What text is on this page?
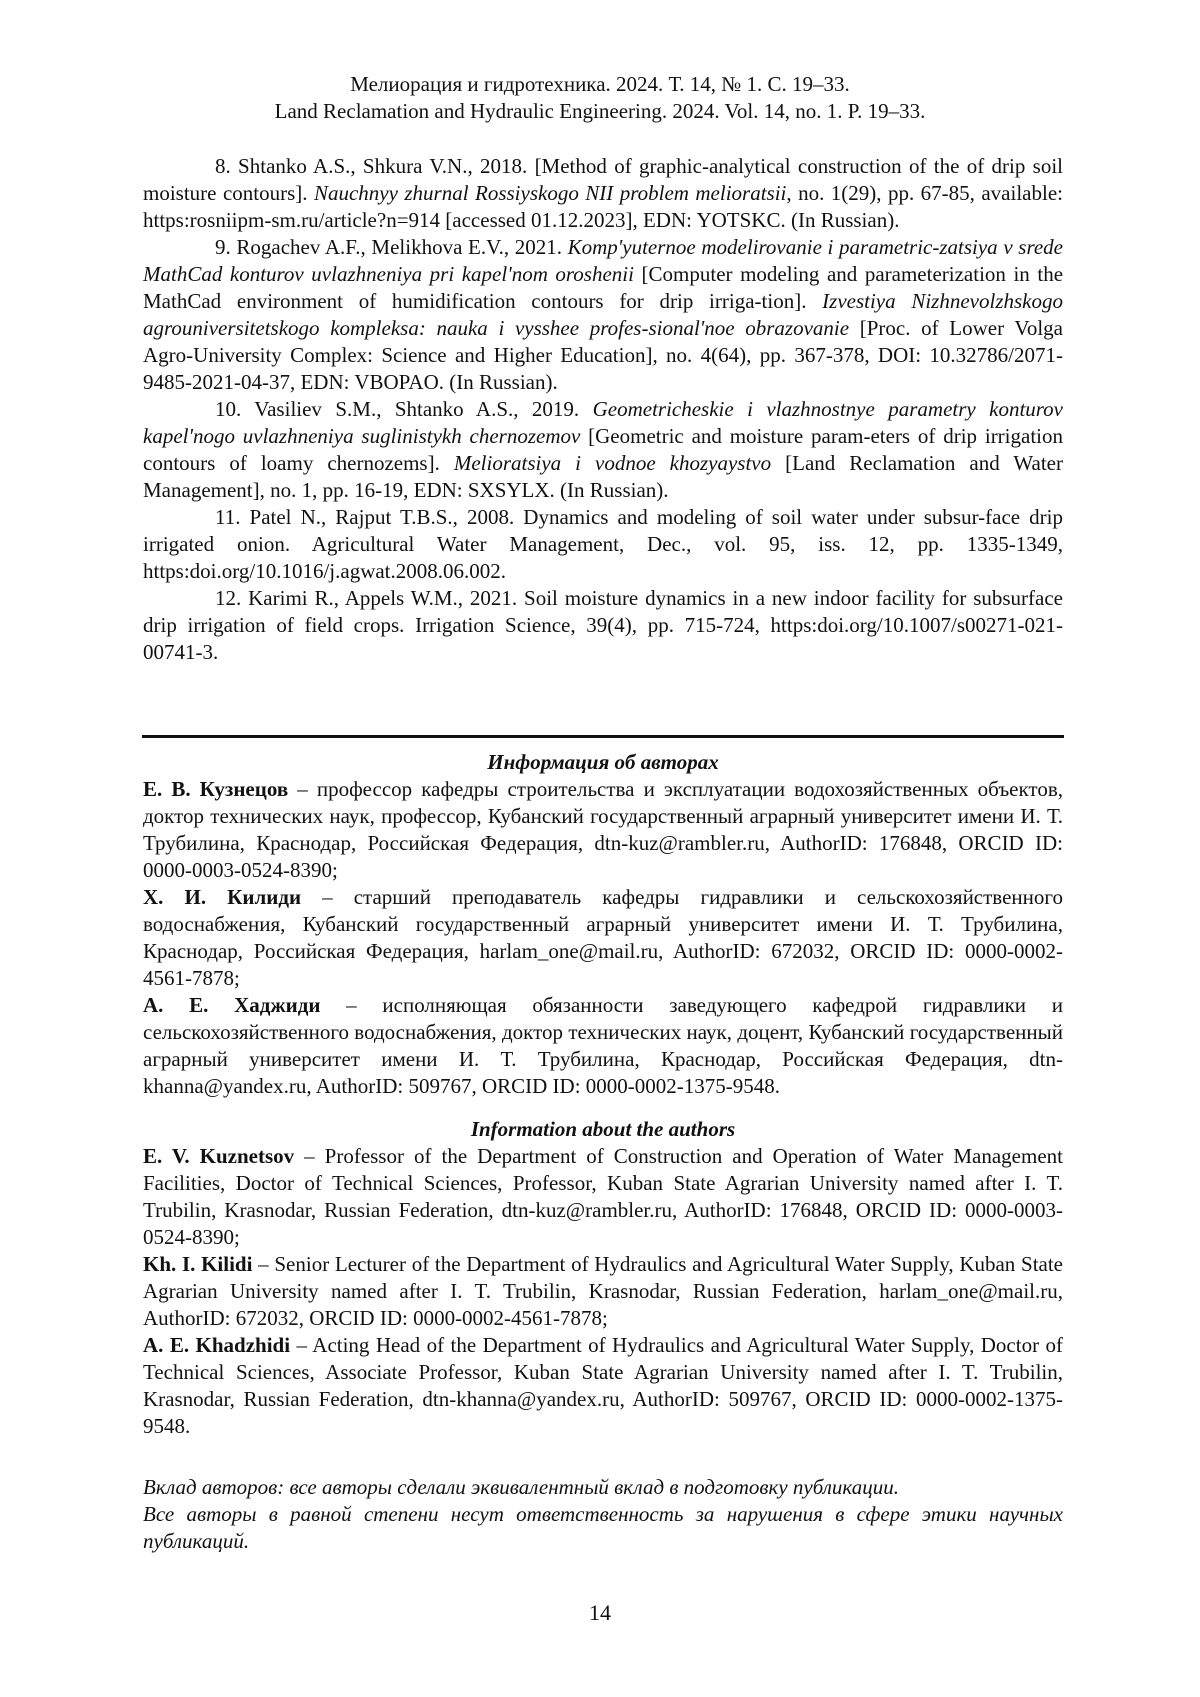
Мелиорация и гидротехника. 2024. Т. 14, № 1. С. 19–33.
Land Reclamation and Hydraulic Engineering. 2024. Vol. 14, no. 1. P. 19–33.

8. Shtanko A.S., Shkura V.N., 2018. [Method of graphic-analytical construction of the of drip soil moisture contours]. Nauchnyy zhurnal Rossiyskogo NII problem melioratsii, no. 1(29), pp. 67-85, available: https:rosniipm-sm.ru/article?n=914 [accessed 01.12.2023], EDN: YOTSKC. (In Russian).

9. Rogachev A.F., Melikhova E.V., 2021. Komp'yuternoe modelirovanie i parametric-zatsiya v srede MathCad konturov uvlazhneniya pri kapel'nom oroshenii [Computer modeling and parameterization in the MathCad environment of humidification contours for drip irriga-tion]. Izvestiya Nizhnevolzhskogo agrouniversitetskogo kompleksa: nauka i vysshee profes-sional'noe obrazovanie [Proc. of Lower Volga Agro-University Complex: Science and Higher Education], no. 4(64), pp. 367-378, DOI: 10.32786/2071-9485-2021-04-37, EDN: VBOPAO. (In Russian).

10. Vasiliev S.M., Shtanko A.S., 2019. Geometricheskie i vlazhnostnye parametry konturov kapel'nogo uvlazhneniya suglinistykh chernozemov [Geometric and moisture param-eters of drip irrigation contours of loamy chernozems]. Melioratsiya i vodnoe khozyaystvo [Land Reclamation and Water Management], no. 1, pp. 16-19, EDN: SXSYLX. (In Russian).

11. Patel N., Rajput T.B.S., 2008. Dynamics and modeling of soil water under subsur-face drip irrigated onion. Agricultural Water Management, Dec., vol. 95, iss. 12, pp. 1335-1349, https:doi.org/10.1016/j.agwat.2008.06.002.

12. Karimi R., Appels W.M., 2021. Soil moisture dynamics in a new indoor facility for subsurface drip irrigation of field crops. Irrigation Science, 39(4), pp. 715-724, https:doi.org/10.1007/s00271-021-00741-3.

Информация об авторах

Е. В. Кузнецов – профессор кафедры строительства и эксплуатации водохозяйственных объектов, доктор технических наук, профессор, Кубанский государственный аграрный университет имени И. Т. Трубилина, Краснодар, Российская Федерация, dtn-kuz@rambler.ru, AuthorID: 176848, ORCID ID: 0000-0003-0524-8390;

Х. И. Килиди – старший преподаватель кафедры гидравлики и сельскохозяйственного водоснабжения, Кубанский государственный аграрный университет имени И. Т. Трубилина, Краснодар, Российская Федерация, harlam_one@mail.ru, AuthorID: 672032, ORCID ID: 0000-0002-4561-7878;

А. Е. Хаджиди – исполняющая обязанности заведующего кафедрой гидравлики и сельскохозяйственного водоснабжения, доктор технических наук, доцент, Кубанский государственный аграрный университет имени И. Т. Трубилина, Краснодар, Российская Федерация, dtn-khanna@yandex.ru, AuthorID: 509767, ORCID ID: 0000-0002-1375-9548.

Information about the authors

E. V. Kuznetsov – Professor of the Department of Construction and Operation of Water Management Facilities, Doctor of Technical Sciences, Professor, Kuban State Agrarian University named after I. T. Trubilin, Krasnodar, Russian Federation, dtn-kuz@rambler.ru, AuthorID: 176848, ORCID ID: 0000-0003-0524-8390;

Kh. I. Kilidi – Senior Lecturer of the Department of Hydraulics and Agricultural Water Supply, Kuban State Agrarian University named after I. T. Trubilin, Krasnodar, Russian Federation, harlam_one@mail.ru, AuthorID: 672032, ORCID ID: 0000-0002-4561-7878;

A. E. Khadzhidi – Acting Head of the Department of Hydraulics and Agricultural Water Supply, Doctor of Technical Sciences, Associate Professor, Kuban State Agrarian University named after I. T. Trubilin, Krasnodar, Russian Federation, dtn-khanna@yandex.ru, AuthorID: 509767, ORCID ID: 0000-0002-1375-9548.

Вклад авторов: все авторы сделали эквивалентный вклад в подготовку публикации.

Все авторы в равной степени несут ответственность за нарушения в сфере этики научных публикаций.

14
